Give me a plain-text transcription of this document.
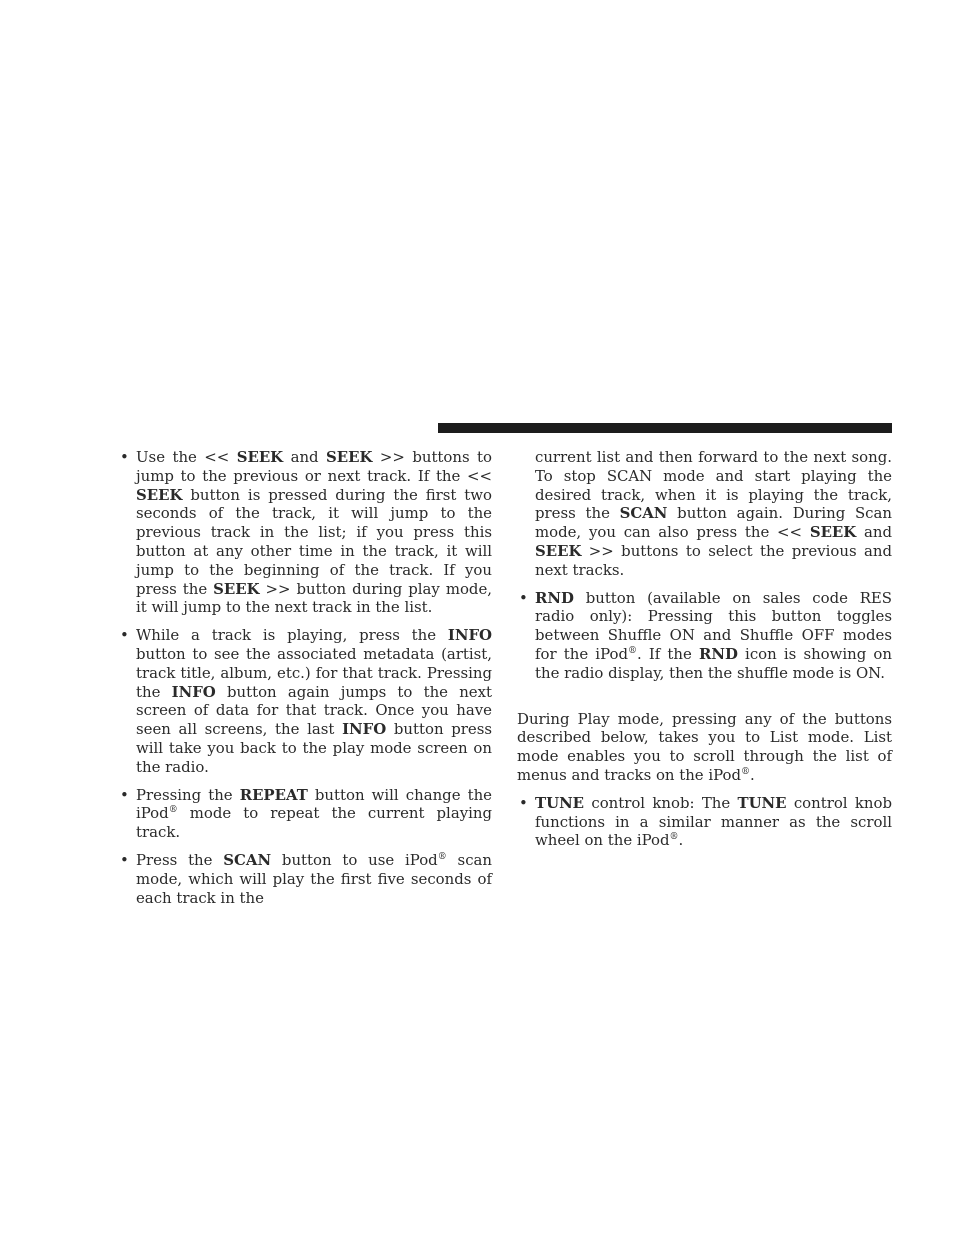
• Use the << SEEK and SEEK >> buttons to jump to the previous or next track. If the << SEEK button is pressed during the first two seconds of the track, it will jump to the previous track in the list; if you press this button at any other time in the track, it will jump to the beginning of the track. If you press the SEEK >> button during play mode, it will jump to the next track in the list.
• While a track is playing, press the INFO button to see the associated metadata (artist, track title, album, etc.) for that track. Pressing the INFO button again jumps to the next screen of data for that track. Once you have seen all screens, the last INFO button press will take you back to the play mode screen on the radio.
• Pressing the REPEAT button will change the iPod® mode to repeat the current playing track.
• Press the SCAN button to use iPod® scan mode, which will play the first five seconds of each track in the
current list and then forward to the next song. To stop SCAN mode and start playing the desired track, when it is playing the track, press the SCAN button again. During Scan mode, you can also press the << SEEK and SEEK >> buttons to select the previous and next tracks.
• RND button (available on sales code RES radio only): Pressing this button toggles between Shuffle ON and Shuffle OFF modes for the iPod®. If the RND icon is showing on the radio display, then the shuffle mode is ON.

During Play mode, pressing any of the buttons described below, takes you to List mode. List mode enables you to scroll through the list of menus and tracks on the iPod®.

• TUNE control knob: The TUNE control knob functions in a similar manner as the scroll wheel on the iPod®.
